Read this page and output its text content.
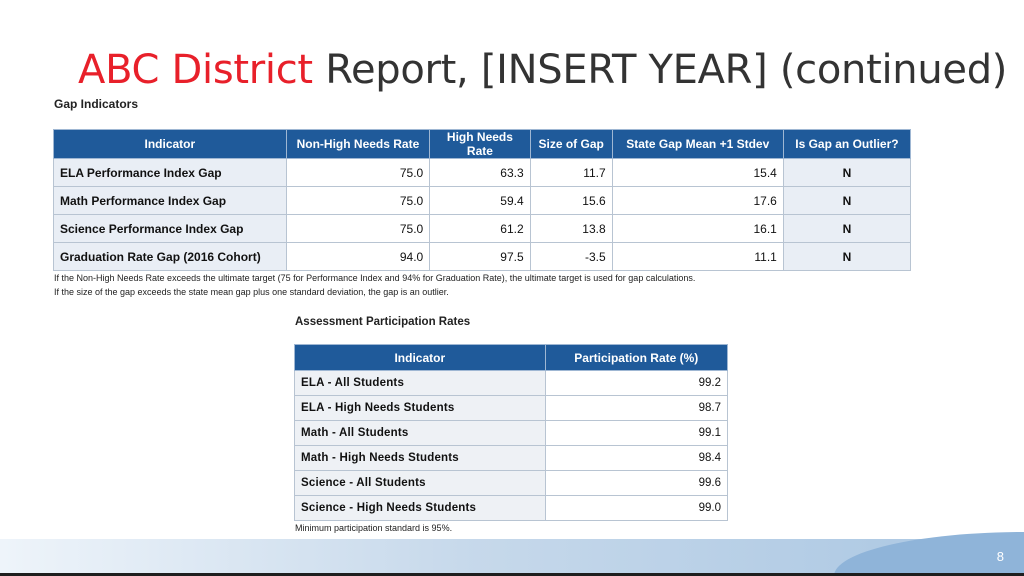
ABC District Report, [INSERT YEAR] (continued)
Gap Indicators
Indicator	Non-High Needs Rate	High Needs Rate	Size of Gap	State Gap Mean +1 Stdev	Is Gap an Outlier?
ELA Performance Index Gap	75.0	63.3	11.7	15.4	N
Math Performance Index Gap	75.0	59.4	15.6	17.6	N
Science Performance Index Gap	75.0	61.2	13.8	16.1	N
Graduation Rate Gap (2016 Cohort)	94.0	97.5	-3.5	11.1	N
If the Non-High Needs Rate exceeds the ultimate target (75 for Performance Index and 94% for Graduation Rate), the ultimate target is used for gap calculations.
If the size of the gap exceeds the state mean gap plus one standard deviation, the gap is an outlier.
Assessment Participation Rates
Indicator	Participation Rate (%)
ELA - All Students	99.2
ELA - High Needs Students	98.7
Math - All Students	99.1
Math - High Needs Students	98.4
Science - All Students	99.6
Science - High Needs Students	99.0
Minimum participation standard is 95%.
8
